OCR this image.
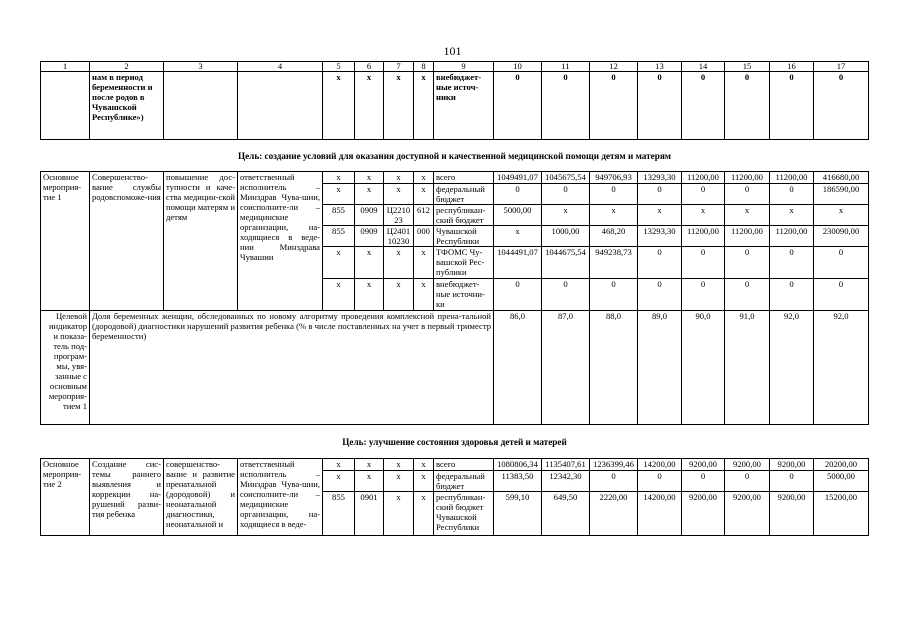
101
1	2	3	4	5	6	7	8	9	10	11	12	13	14	15	16	17
	нам в период беременности и после родов в Чувашской Республике»)			x	x	x	x	внебюджет-ные источ-ники	0	0	0	0	0	0	0	0
Цель: создание условий для оказания доступной и качественной медицинской помощи детям и матерям																
Основное мероприя-тие 1	Совершенство-вание службы родовспоможе-ния	повышение дос-тупности и каче-ства медицин-ской помощи матерям и детям	ответственный исполнитель – Минздрав Чува-шии, соисполните-ли – медицинские организации, на-ходящиеся в веде-нии Минздрава Чувашии	x	x	x	x	всего	1049491,07	1045675,54	949706,93	13293,30	11200,00	11200,00	11200,00	416680,00
				x	x	x	x	федеральный бюджет	0	0	0	0	0	0	0	186590,00
				855	0909	Ц2210 23	612	республикан-ский бюджет	5000,00	x	x	x	x	x	x	x
				855	0909	Ц2401 10230	000	Чувашской Республики	x	1000,00	468,20	13293,30	11200,00	11200,00	11200,00	230090,00
				x	x	x	x	ТФОМС Чу-вашской Рес-публики	1044491,07	1044675,54	949238,73	0	0	0	0	0
				x	x	x	x	внебюджет-ные источни-ки	0	0	0	0	0	0	0	0
Целевой индикатор и показа-тель под-програм-мы, увя-занные с основным мероприя-тием 1	Доля беременных женщин, обследованных по новому алгоритму проведения комплексной прена-тальной (дородовой) диагностики нарушений развития ребенка (% в числе поставленных на учет в первый триместр беременности)								86,0	87,0	88,0	89,0	90,0	91,0	92,0	92,0
Цель: улучшение состояния здоровья детей и матерей																
Основное мероприя-тие 2	Создание сис-темы раннего выявления и коррекции на-рушений разви-тия ребенка	совершенство-вание и развитие пренатальной (дородовой) и неонатальной диагностики, неонатальной и	ответственный исполнитель – Минздрав Чува-шии, соисполните-ли – медицинские организации, на-ходящиеся в веде-	x	x	x	x	всего	1080806,34	1135407,61	1236399,46	14200,00	9200,00	9200,00	9200,00	20200,00
				x	x	x	x	федеральный бюджет	11383,50	12342,30	0	0	0	0	0	5000,00
				855	0901	x	x	республикан-ский бюджет Чувашской Республики	599,10	649,50	2220,00	14200,00	9200,00	9200,00	9200,00	15200,00
